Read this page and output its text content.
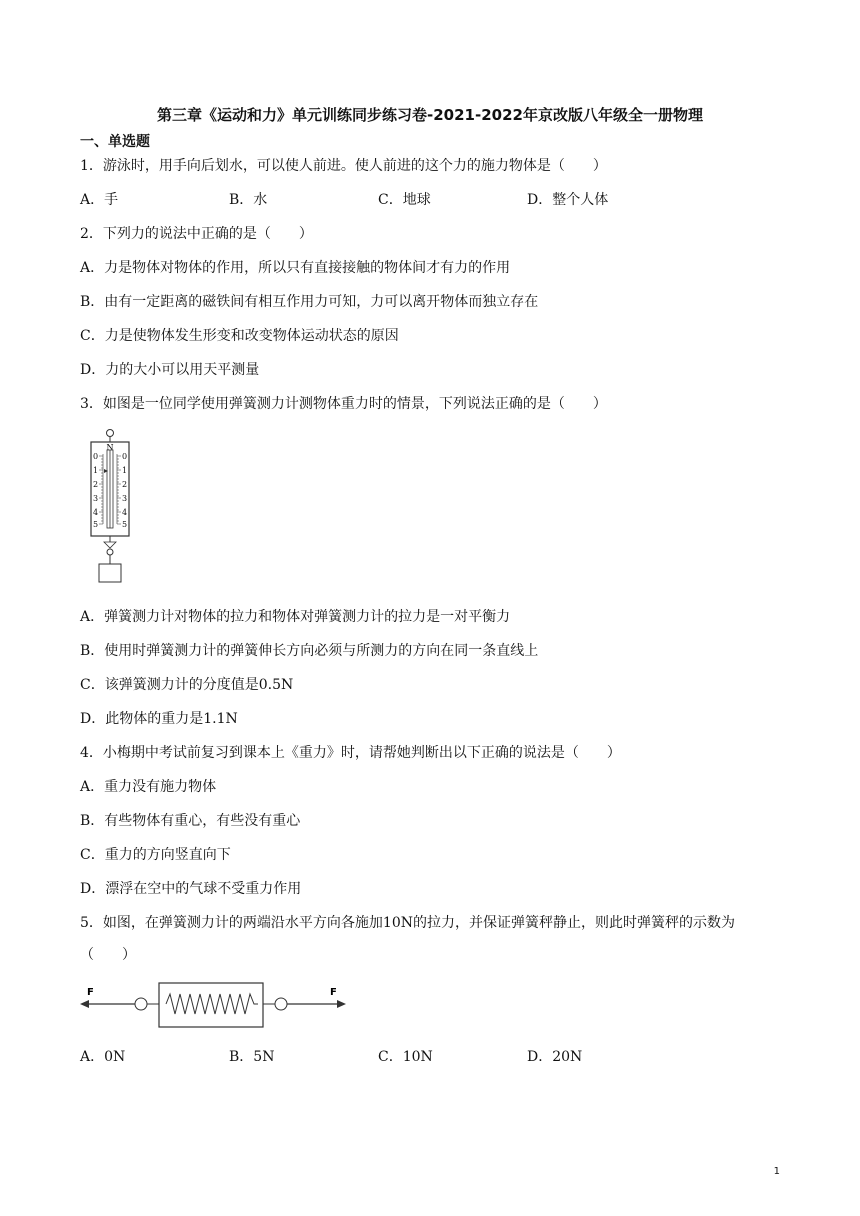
第三章《运动和力》单元训练同步练习卷-2021-2022年京改版八年级全一册物理
一、单选题
1．游泳时，用手向后划水，可以使人前进。使人前进的这个力的施力物体是（　　）
A．手	B．水	C．地球	D．整个人体
2．下列力的说法中正确的是（　　）
A．力是物体对物体的作用，所以只有直接接触的物体间才有力的作用
B．由有一定距离的磁铁间有相互作用力可知，力可以离开物体而独立存在
C．力是使物体发生形变和改变物体运动状态的原因
D．力的大小可以用天平测量
3．如图是一位同学使用弹簧测力计测物体重力时的情景，下列说法正确的是（　　）
N
0
1
2
3
4
5
0
1
2
3
4
5
A．弹簧测力计对物体的拉力和物体对弹簧测力计的拉力是一对平衡力
B．使用时弹簧测力计的弹簧伸长方向必须与所测力的方向在同一条直线上
C．该弹簧测力计的分度值是0.5N
D．此物体的重力是1.1N
4．小梅期中考试前复习到课本上《重力》时，请帮她判断出以下正确的说法是（　　）
A．重力没有施力物体
B．有些物体有重心，有些没有重心
C．重力的方向竖直向下
D．漂浮在空中的气球不受重力作用
5．如图，在弹簧测力计的两端沿水平方向各施加10N的拉力，并保证弹簧秤静止，则此时弹簧秤的示数为
（　　）
F	F
A．0N	B．5N	C．10N	D．20N
1
